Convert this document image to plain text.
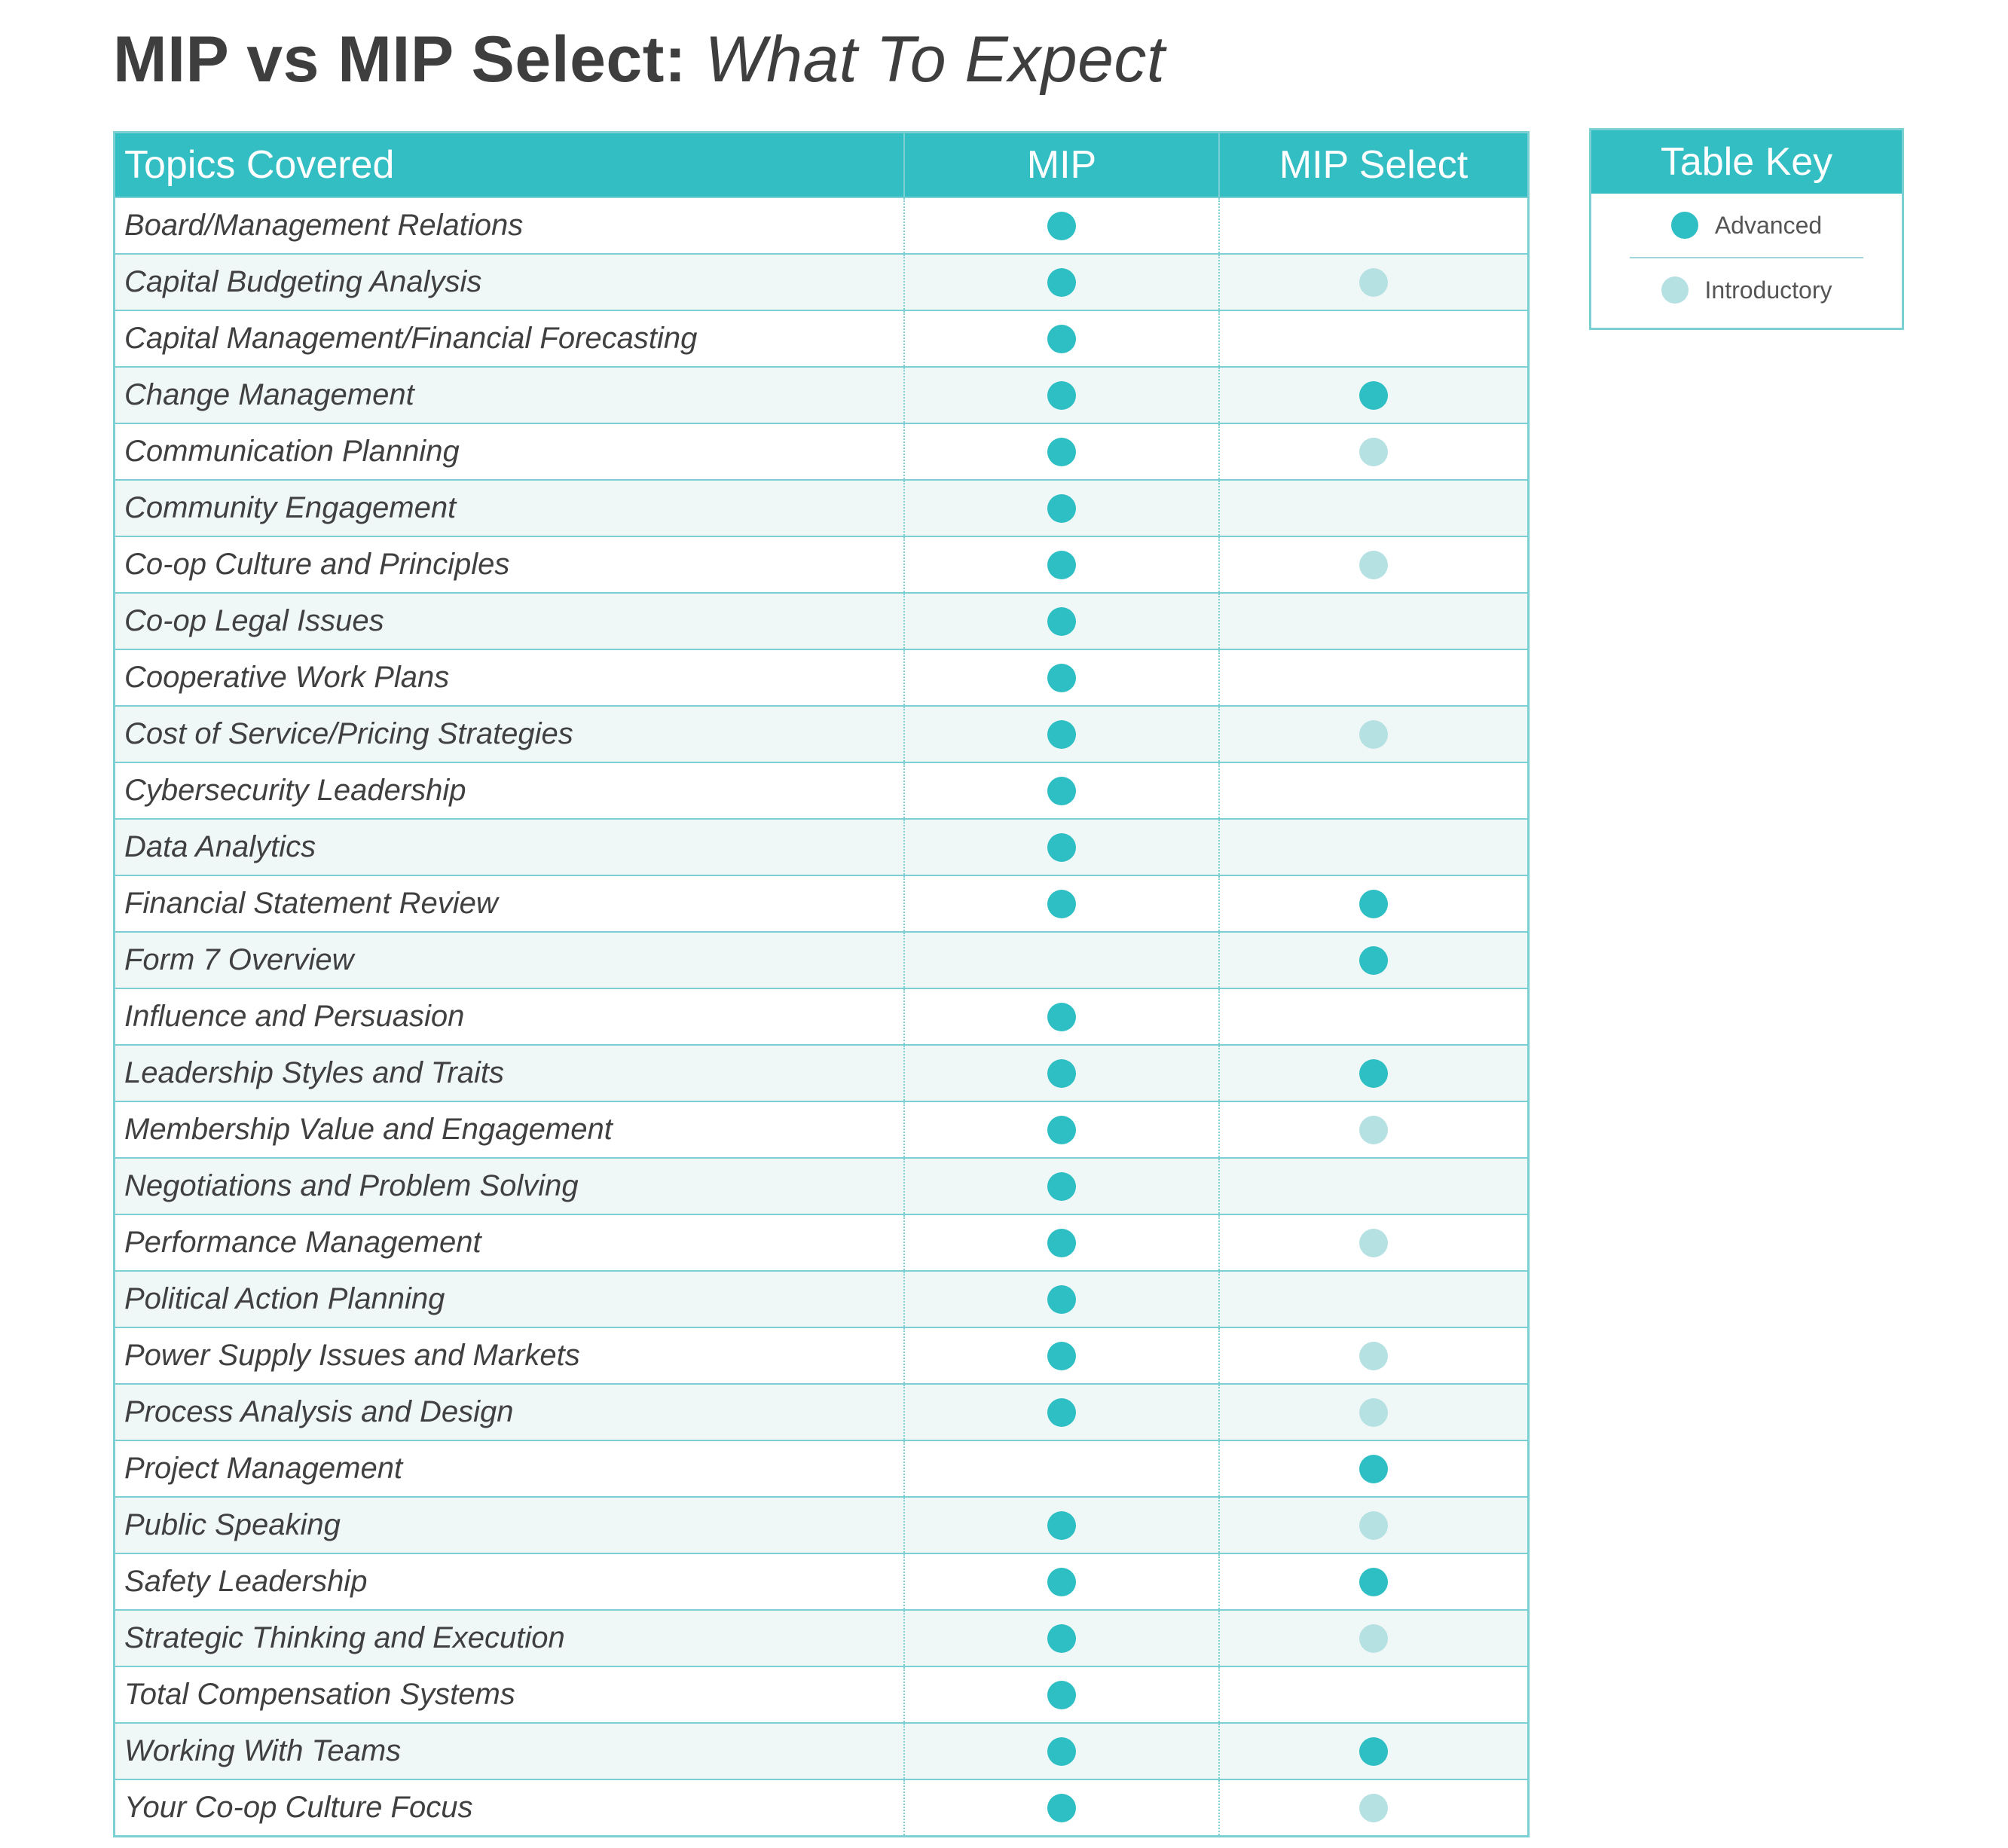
MIP vs MIP Select: What To Expect
Topics Covered	MIP	MIP Select
Board/Management Relations
Capital Budgeting Analysis
Capital Management/Financial Forecasting
Change Management
Communication Planning
Community Engagement
Co-op Culture and Principles
Co-op Legal Issues
Cooperative Work Plans
Cost of Service/Pricing Strategies
Cybersecurity Leadership
Data Analytics
Financial Statement Review
Form 7 Overview
Influence and Persuasion
Leadership Styles and Traits
Membership Value and Engagement
Negotiations and Problem Solving
Performance Management
Political Action Planning
Power Supply Issues and Markets
Process Analysis and Design
Project Management
Public Speaking
Safety Leadership
Strategic Thinking and Execution
Total Compensation Systems
Working With Teams
Your Co-op Culture Focus
Table Key
Advanced
Introductory
